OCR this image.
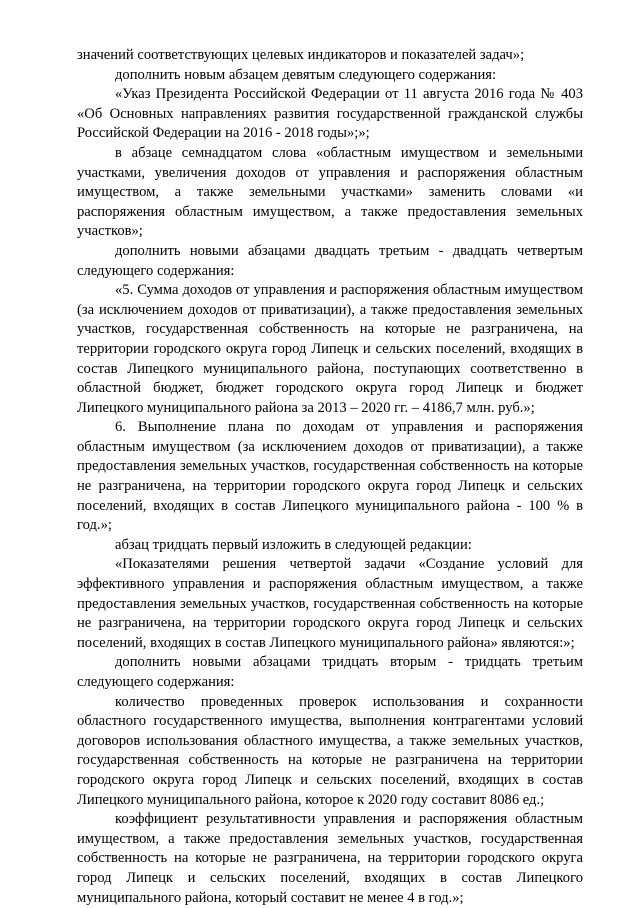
значений соответствующих целевых индикаторов и показателей задач»;

дополнить новым абзацем девятым следующего содержания:

«Указ Президента Российской Федерации от 11 августа 2016 года № 403 «Об Основных направлениях развития государственной гражданской службы Российской Федерации на 2016 - 2018 годы»;»;

в абзаце семнадцатом слова «областным имуществом и земельными участками, увеличения доходов от управления и распоряжения областным имуществом, а также земельными участками» заменить словами «и распоряжения областным имуществом, а также предоставления земельных участков»;

дополнить новыми абзацами двадцать третьим - двадцать четвертым следующего содержания:

«5. Сумма доходов от управления и распоряжения областным имуществом (за исключением доходов от приватизации), а также предоставления земельных участков, государственная собственность на которые не разграничена, на территории городского округа город Липецк и сельских поселений, входящих в состав Липецкого муниципального района, поступающих соответственно в областной бюджет, бюджет городского округа город Липецк и бюджет Липецкого муниципального района за 2013 – 2020 гг. – 4186,7 млн. руб.»;

6. Выполнение плана по доходам от управления и распоряжения областным имуществом (за исключением доходов от приватизации), а также предоставления земельных участков, государственная собственность на которые не разграничена, на территории городского округа город Липецк и сельских поселений, входящих в состав Липецкого муниципального района - 100 % в год.»;

абзац тридцать первый изложить в следующей редакции:

«Показателями решения четвертой задачи «Создание условий для эффективного управления и распоряжения областным имуществом, а также предоставления земельных участков, государственная собственность на которые не разграничена, на территории городского округа город Липецк и сельских поселений, входящих в состав Липецкого муниципального района» являются:»;

дополнить новыми абзацами тридцать вторым - тридцать третьим следующего содержания:

количество проведенных проверок использования и сохранности областного государственного имущества, выполнения контрагентами условий договоров использования областного имущества, а также земельных участков, государственная собственность на которые не разграничена на территории городского округа город Липецк и сельских поселений, входящих в состав Липецкого муниципального района, которое к 2020 году составит 8086 ед.;

коэффициент результативности управления и распоряжения областным имуществом, а также предоставления земельных участков, государственная собственность на которые не разграничена, на территории городского округа город Липецк и сельских поселений, входящих в состав Липецкого муниципального района, который составит не менее 4 в год.»;
